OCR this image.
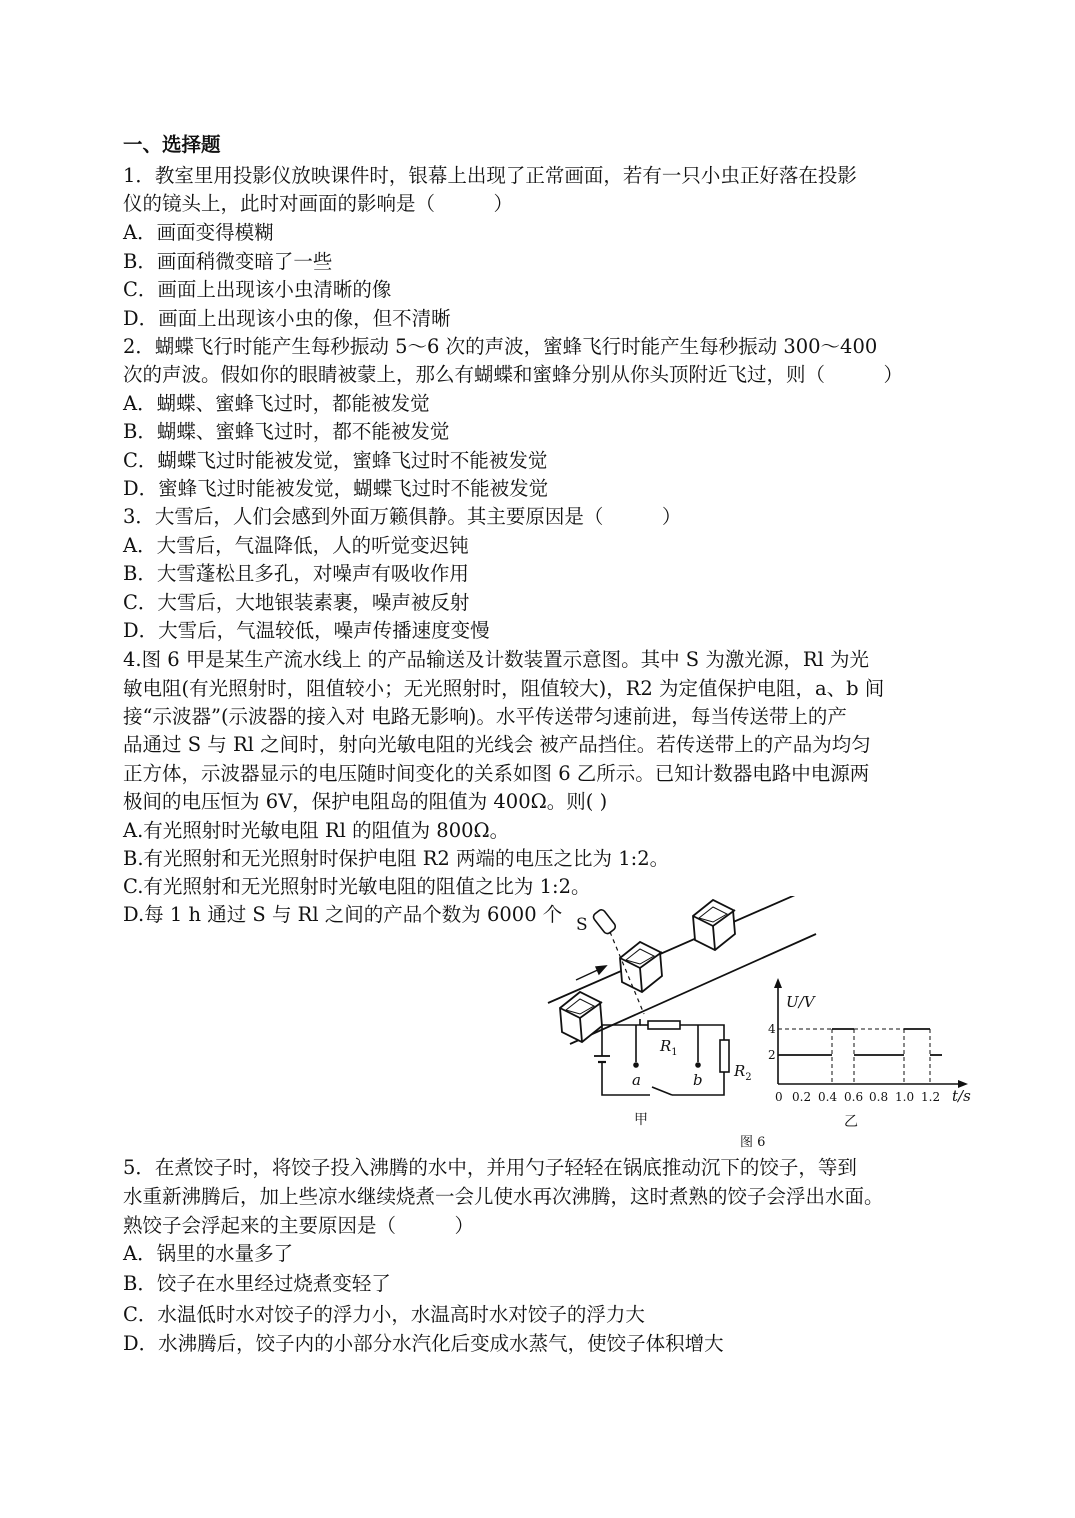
一、选择题
1．教室里用投影仪放映课件时，银幕上出现了正常画面，若有一只小虫正好落在投影
仪的镜头上，此时对画面的影响是（　　　）
A．画面变得模糊
B．画面稍微变暗了一些
C．画面上出现该小虫清晰的像
D．画面上出现该小虫的像，但不清晰
2．蝴蝶飞行时能产生每秒振动 5～6 次的声波，蜜蜂飞行时能产生每秒振动 300～400
次的声波。假如你的眼睛被蒙上，那么有蝴蝶和蜜蜂分别从你头顶附近飞过，则（　　　）
A．蝴蝶、蜜蜂飞过时，都能被发觉
B．蝴蝶、蜜蜂飞过时，都不能被发觉
C．蝴蝶飞过时能被发觉，蜜蜂飞过时不能被发觉
D．蜜蜂飞过时能被发觉，蝴蝶飞过时不能被发觉
3．大雪后，人们会感到外面万籁俱静。其主要原因是（　　　）
A．大雪后，气温降低，人的听觉变迟钝
B．大雪蓬松且多孔，对噪声有吸收作用
C．大雪后，大地银装素裹，噪声被反射
D．大雪后，气温较低，噪声传播速度变慢
4.图 6 甲是某生产流水线上 的产品输送及计数装置示意图。其中 S 为激光源，Rl 为光
敏电阻(有光照射时，阻值较小；无光照射时，阻值较大)，R2 为定值保护电阻，a、b 间
接“示波器”(示波器的接入对 电路无影响)。水平传送带匀速前进，每当传送带上的产
品通过 S 与 Rl 之间时，射向光敏电阻的光线会 被产品挡住。若传送带上的产品为均匀
正方体，示波器显示的电压随时间变化的关系如图 6 乙所示。已知计数器电路中电源两
极间的电压恒为 6V，保护电阻岛的阻值为 400Ω。则( )
A.有光照射时光敏电阻 Rl 的阻值为 800Ω。
B.有光照射和无光照射时保护电阻 R2 两端的电压之比为 1:2。
C.有光照射和无光照射时光敏电阻的阻值之比为 1:2。
D.每 1 h 通过 S 与 Rl 之间的产品个数为 6000 个 S
$R_1$
$R_2$
a	b
甲
U/V
t/s
4
2
0 0.2 0.4 0.6 0.8 1.0 1.2
乙
图 6
5．在煮饺子时，将饺子投入沸腾的水中，并用勺子轻轻在锅底推动沉下的饺子，等到
水重新沸腾后，加上些凉水继续烧煮一会儿使水再次沸腾，这时煮熟的饺子会浮出水面。
熟饺子会浮起来的主要原因是（　　　）
A．锅里的水量多了
B．饺子在水里经过烧煮变轻了
C．水温低时水对饺子的浮力小，水温高时水对饺子的浮力大
D．水沸腾后，饺子内的小部分水汽化后变成水蒸气，使饺子体积增大
